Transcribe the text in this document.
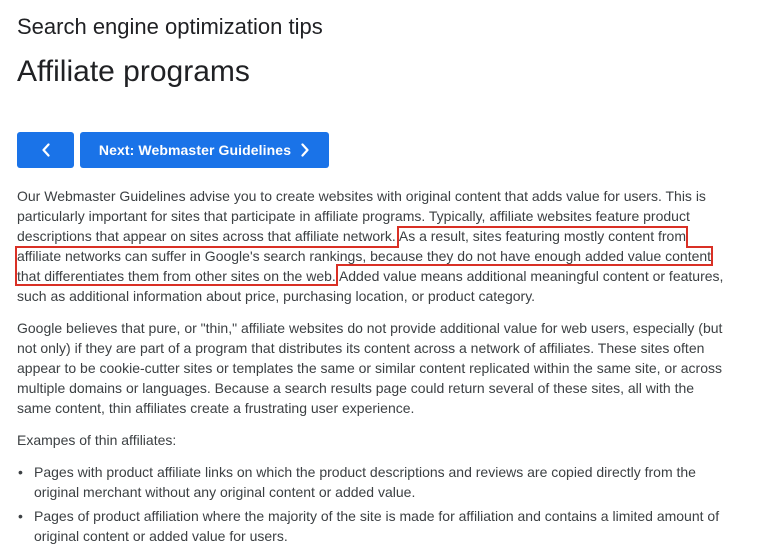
Search engine optimization tips
Affiliate programs
Next: Webmaster Guidelines

Our Webmaster Guidelines advise you to create websites with original content that adds value for users. This is particularly important for sites that participate in affiliate programs. Typically, affiliate websites feature product descriptions that appear on sites across that affiliate network. As a result, sites featuring mostly content from affiliate networks can suffer in Google's search rankings, because they do not have enough added value content that differentiates them from other sites on the web. Added value means additional meaningful content or features, such as additional information about price, purchasing location, or product category.

Google believes that pure, or "thin," affiliate websites do not provide additional value for web users, especially (but not only) if they are part of a program that distributes its content across a network of affiliates. These sites often appear to be cookie-cutter sites or templates the same or similar content replicated within the same site, or across multiple domains or languages. Because a search results page could return several of these sites, all with the same content, thin affiliates create a frustrating user experience.

Exampes of thin affiliates:

• Pages with product affiliate links on which the product descriptions and reviews are copied directly from the original merchant without any original content or added value.
• Pages of product affiliation where the majority of the site is made for affiliation and contains a limited amount of original content or added value for users.
